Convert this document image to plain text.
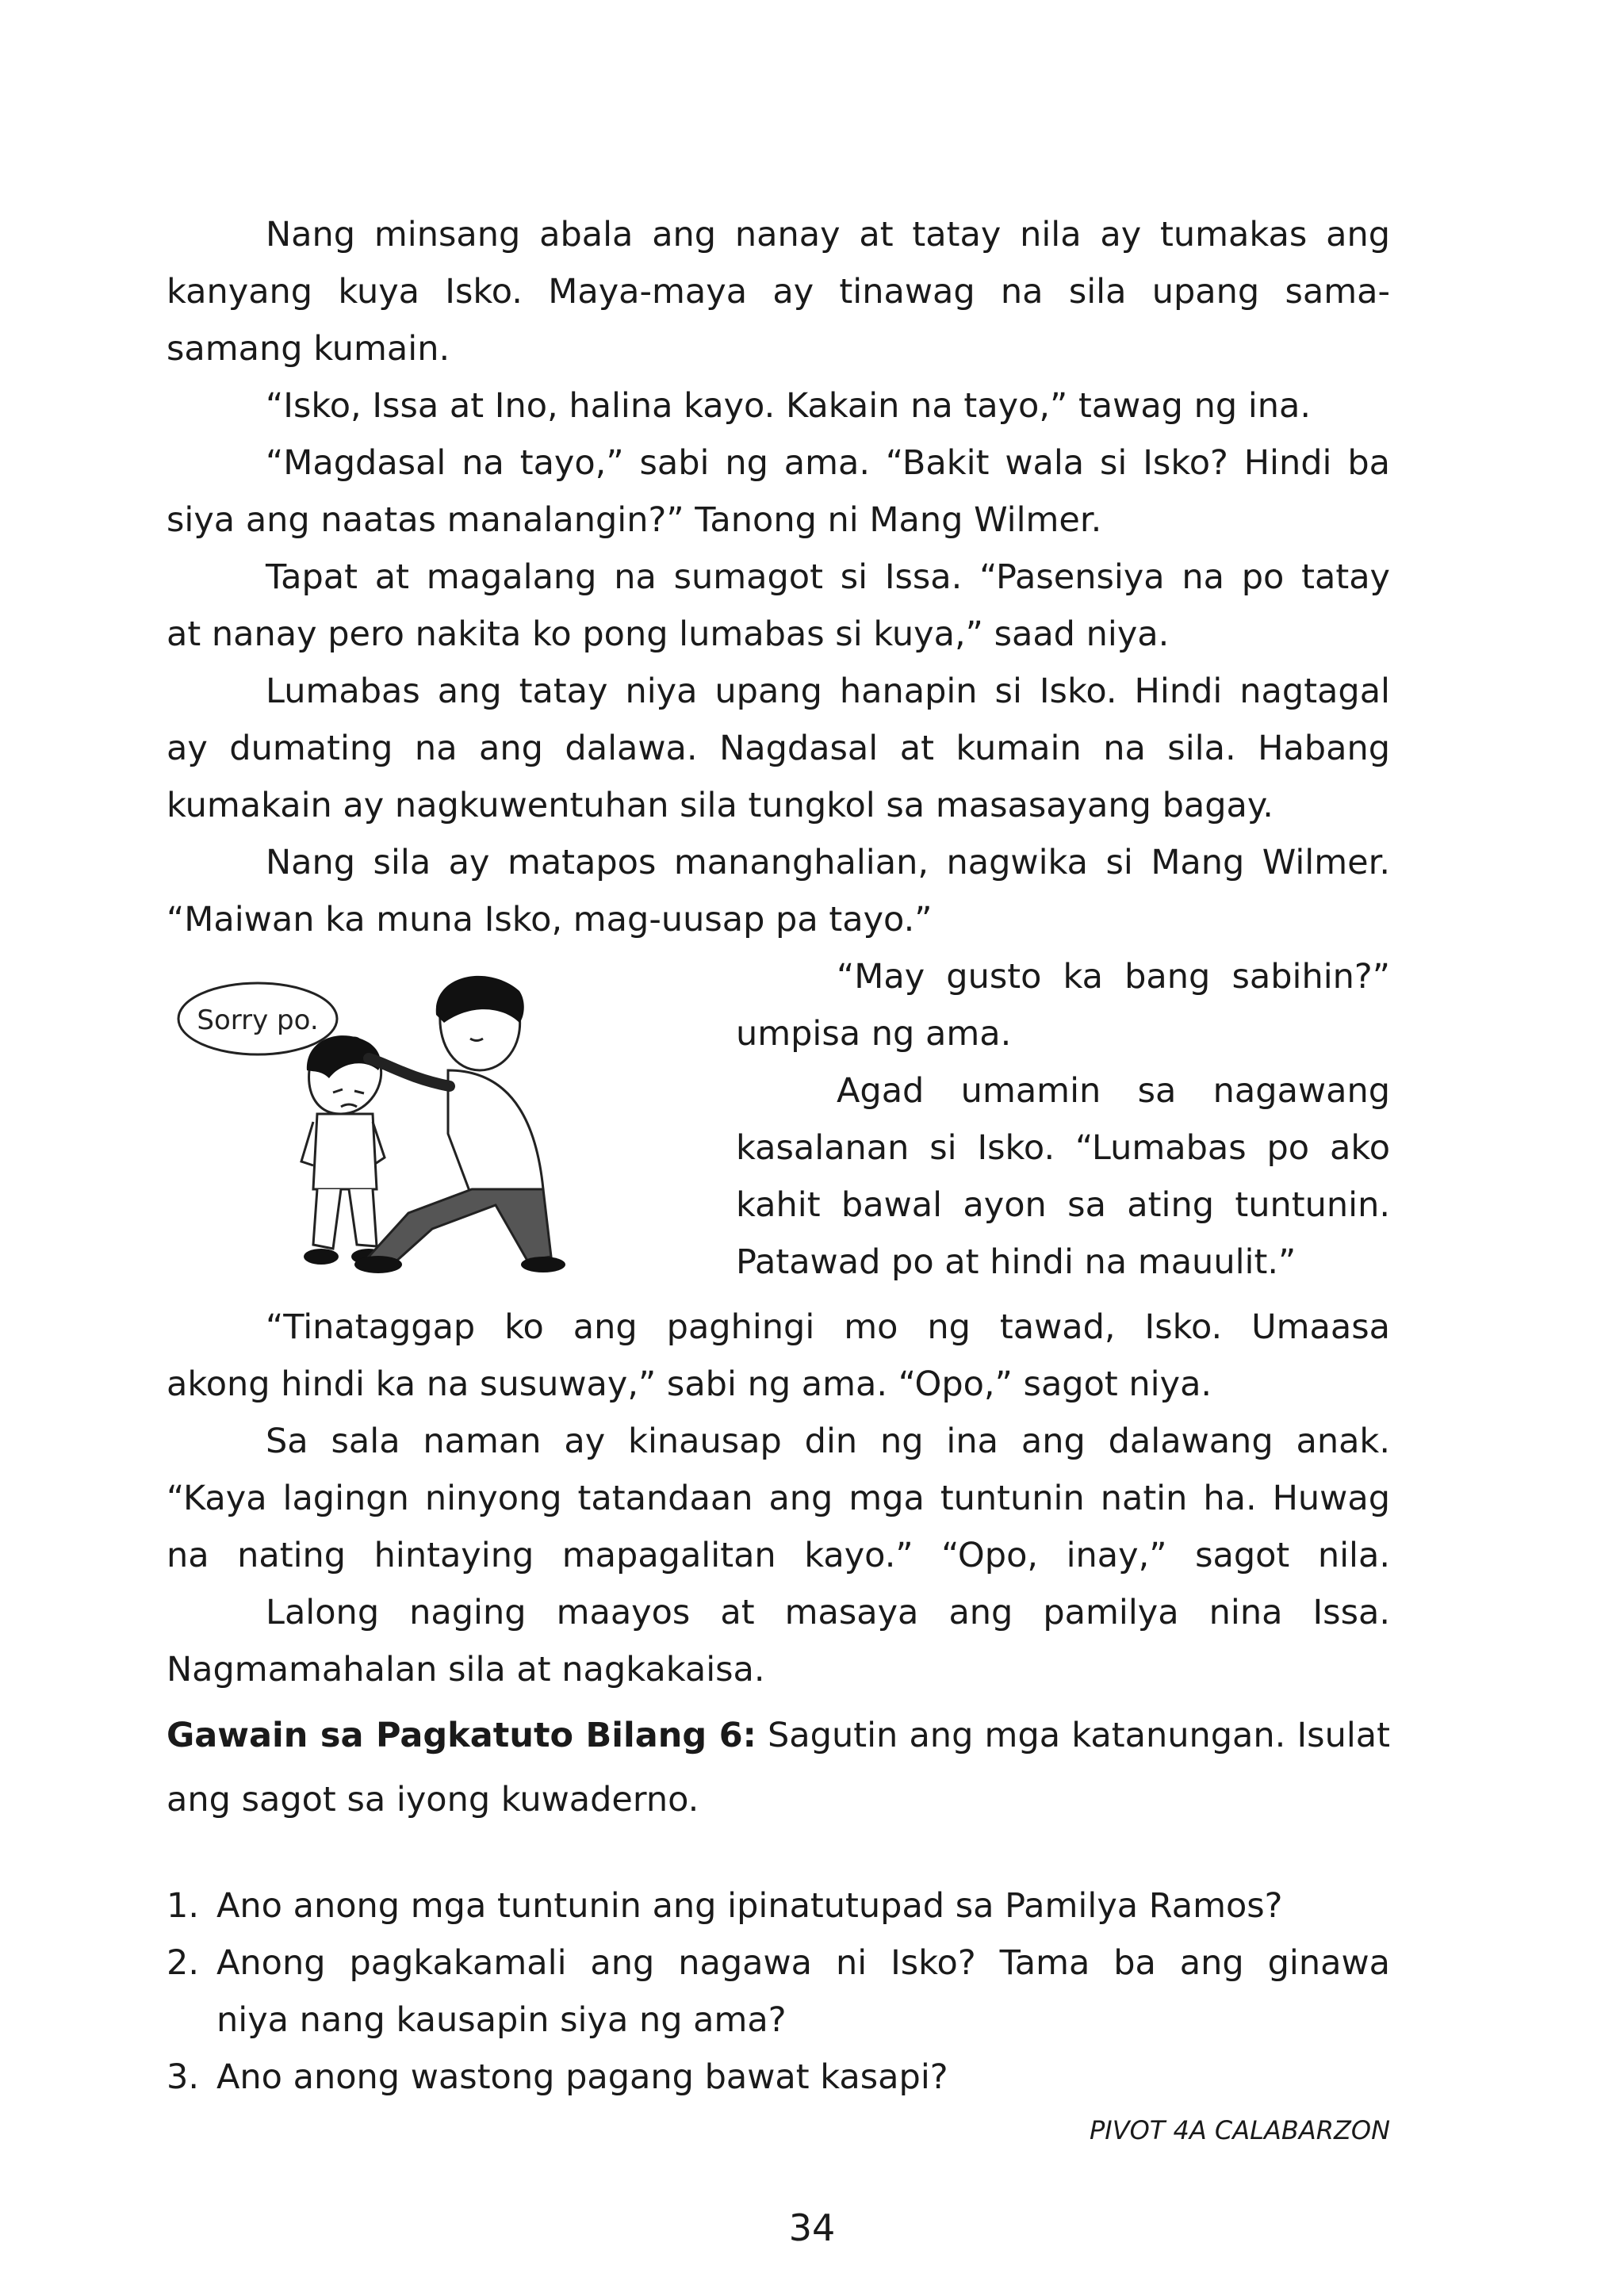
Nang minsang abala ang nanay at tatay nila ay tumakas ang
kanyang kuya Isko. Maya-maya ay tinawag na sila upang sama-
samang kumain.
“Isko, Issa at Ino, halina kayo. Kakain na tayo,” tawag ng ina.
“Magdasal na tayo,” sabi ng ama. “Bakit wala si Isko? Hindi ba
siya ang naatas manalangin?” Tanong ni Mang Wilmer.
Tapat at magalang na sumagot si Issa. “Pasensiya na po tatay
at nanay pero nakita ko pong lumabas si kuya,” saad niya.
Lumabas ang tatay niya upang hanapin si Isko. Hindi nagtagal
ay dumating na ang dalawa. Nagdasal at kumain na sila. Habang
kumakain ay nagkuwentuhan sila tungkol sa masasayang bagay.
Nang sila ay matapos mananghalian, nagwika si Mang Wilmer.
“Maiwan ka muna Isko, mag-uusap pa tayo.”
Sorry po.
“May gusto ka bang sabihin?”
umpisa ng ama.
Agad umamin sa nagawang
kasalanan si Isko. “Lumabas po ako
kahit bawal ayon sa ating tuntunin.
Patawad po at hindi na mauulit.”
“Tinataggap ko ang paghingi mo ng tawad, Isko. Umaasa
akong hindi ka na susuway,” sabi ng ama. “Opo,” sagot niya.
Sa sala naman ay kinausap din ng ina ang dalawang anak.
“Kaya lagingn ninyong tatandaan ang mga tuntunin natin ha. Huwag
na nating hintaying mapagalitan kayo.” “Opo, inay,” sagot nila.
Lalong naging maayos at masaya ang pamilya nina Issa.
Nagmamahalan sila at nagkakaisa.
Gawain sa Pagkatuto Bilang 6: Sagutin ang mga katanungan. Isulat
ang sagot sa iyong kuwaderno.
1. Ano anong mga tuntunin ang ipinatutupad sa Pamilya Ramos?
2. Anong pagkakamali ang nagawa ni Isko? Tama ba ang ginawa
niya nang kausapin siya ng ama?
3. Ano anong wastong pagang bawat kasapi?
PIVOT 4A CALABARZON
34
